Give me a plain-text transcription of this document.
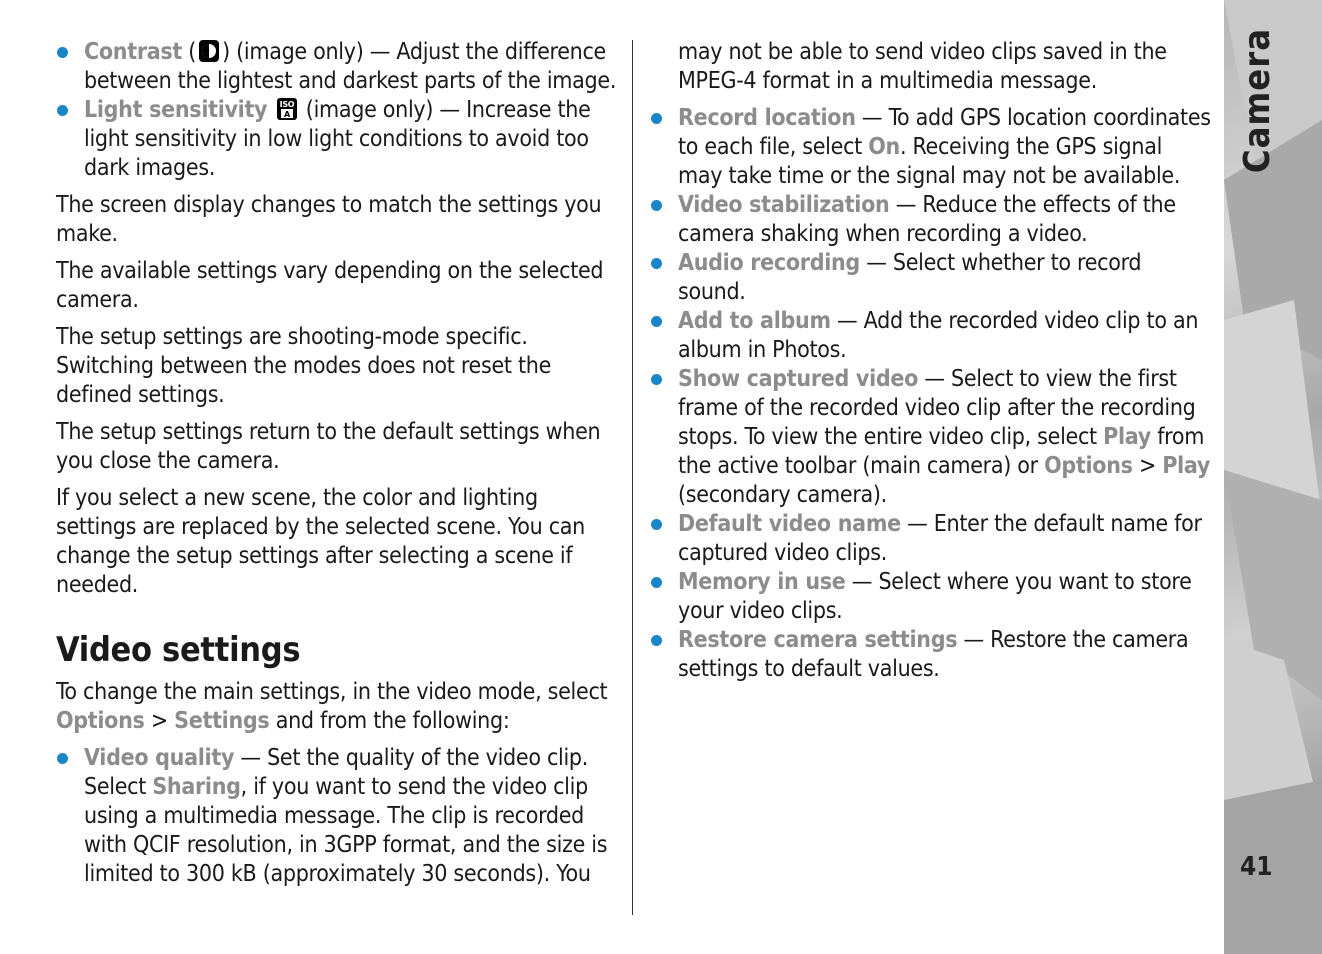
Camera
41
Contrast ( ) (image only) — Adjust the difference between the lightest and darkest parts of the image.
Light sensitivity ISO
A (image only) — Increase the light sensitivity in low light conditions to avoid too dark images.

The screen display changes to match the settings you make.

The available settings vary depending on the selected camera.

The setup settings are shooting-mode specific. Switching between the modes does not reset the defined settings.

The setup settings return to the default settings when you close the camera.

If you select a new scene, the color and lighting settings are replaced by the selected scene. You can change the setup settings after selecting a scene if needed.

Video settings

To change the main settings, in the video mode, select Options > Settings and from the following:

Video quality — Set the quality of the video clip. Select Sharing, if you want to send the video clip using a multimedia message. The clip is recorded with QCIF resolution, in 3GPP format, and the size is limited to 300 kB (approximately 30 seconds). You

may not be able to send video clips saved in the MPEG-4 format in a multimedia message.

Record location — To add GPS location coordinates to each file, select On. Receiving the GPS signal may take time or the signal may not be available.
Video stabilization — Reduce the effects of the camera shaking when recording a video.
Audio recording — Select whether to record sound.
Add to album — Add the recorded video clip to an album in Photos.
Show captured video — Select to view the first frame of the recorded video clip after the recording stops. To view the entire video clip, select Play from the active toolbar (main camera) or Options > Play (secondary camera).
Default video name — Enter the default name for captured video clips.
Memory in use — Select where you want to store your video clips.
Restore camera settings — Restore the camera settings to default values.
